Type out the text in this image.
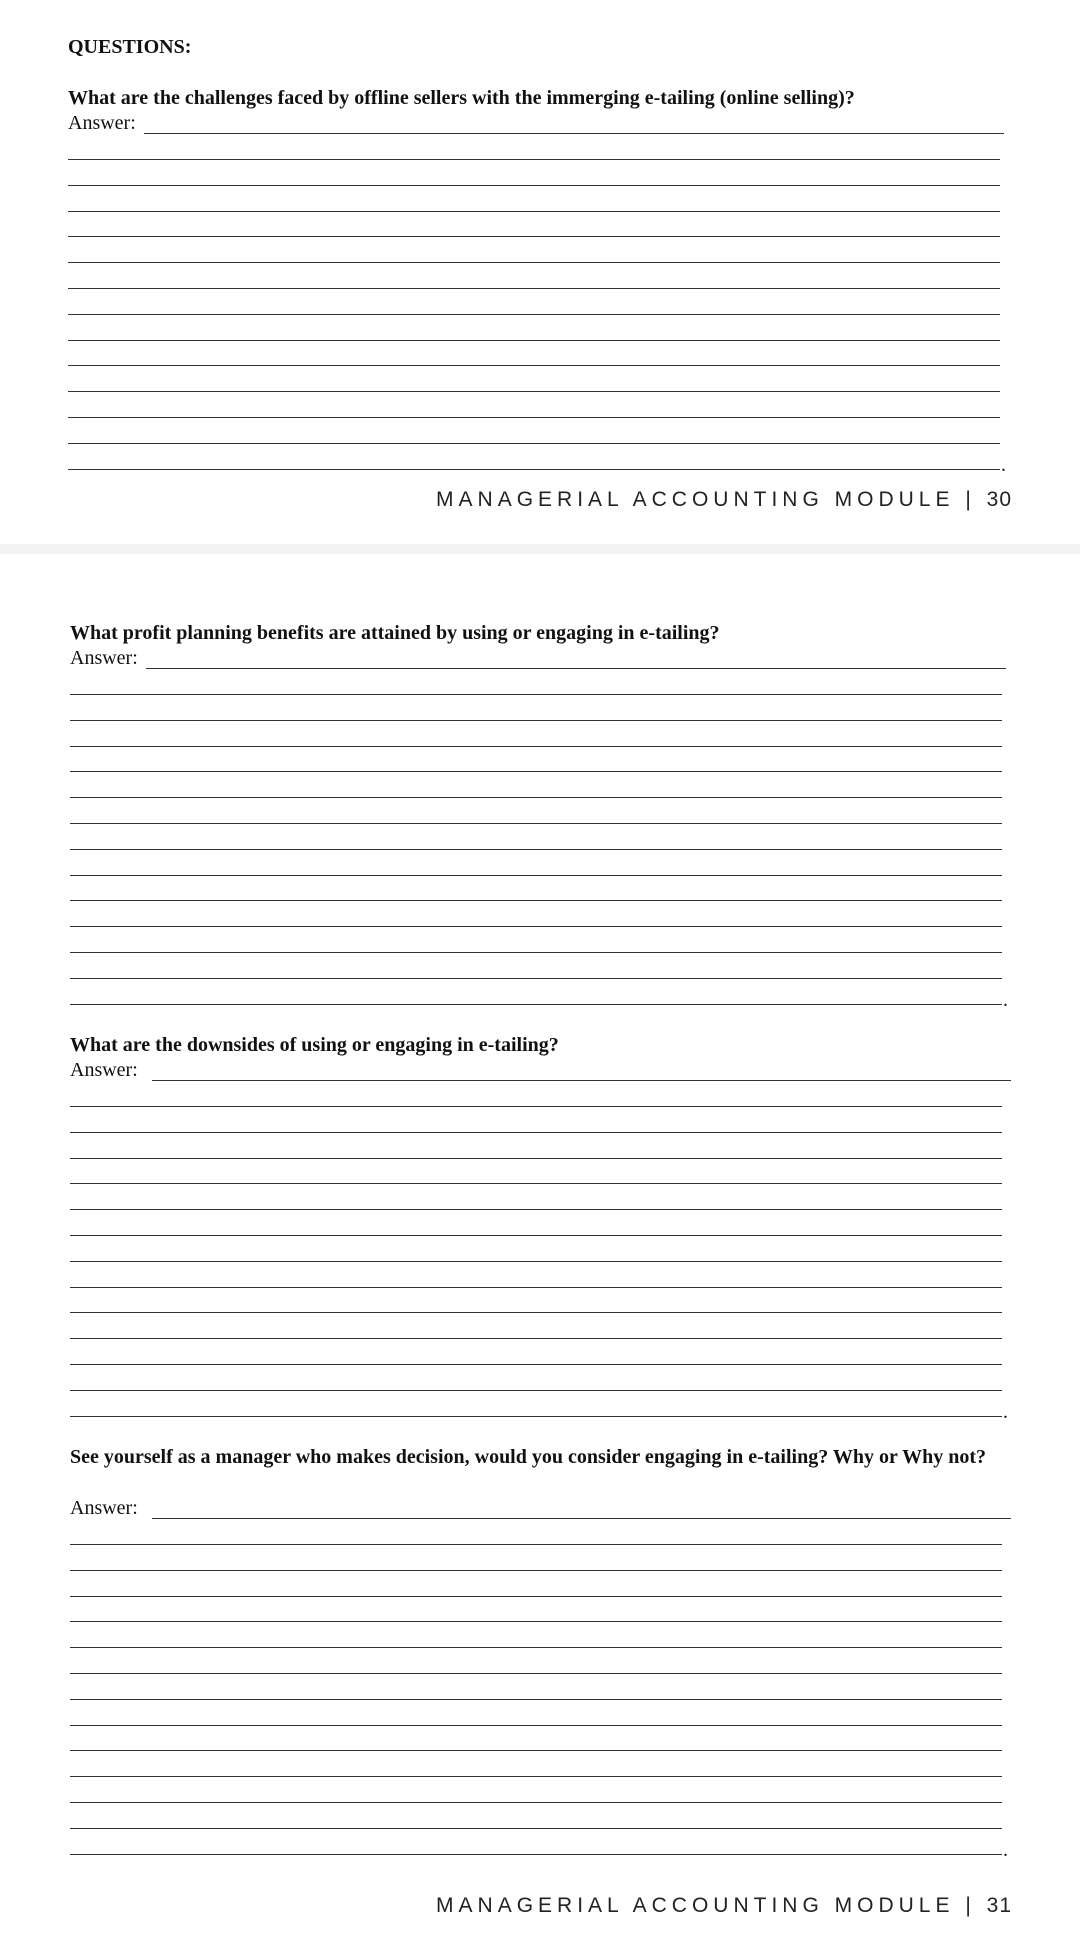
QUESTIONS:

What are the challenges faced by offline sellers with the immerging e-tailing (online selling)?

Answer:
MANAGERIAL ACCOUNTING MODULE | 30
.

What profit planning benefits are attained by using or engaging in e-tailing?

Answer:

What are the downsides of using or engaging in e-tailing?

Answer:

See yourself as a manager who makes decision, would you consider engaging in e-tailing? Why or Why not?

Answer:
MANAGERIAL ACCOUNTING MODULE | 31
.
.
.
